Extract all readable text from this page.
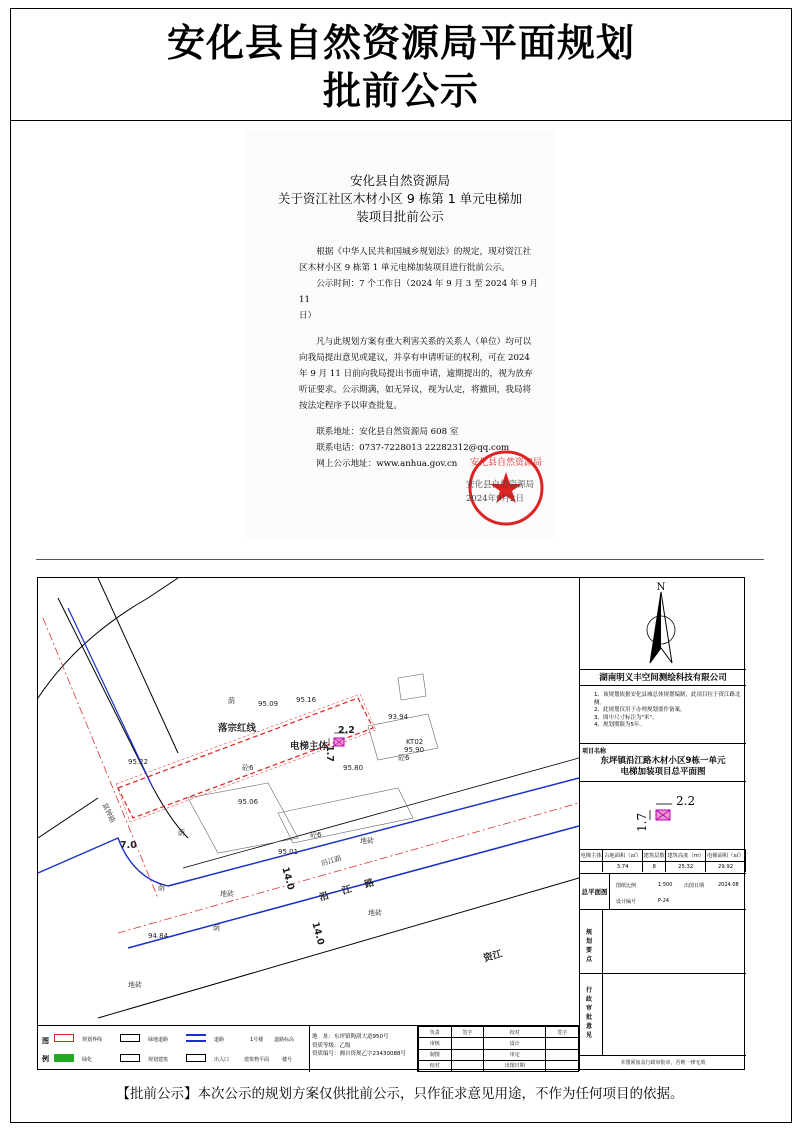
安化县自然资源局平面规划
批前公示
安化县自然资源局
关于资江社区木材小区 9 栋第 1 单元电梯加
装项目批前公示

根据《中华人民共和国城乡规划法》的规定，现对资江社

区木材小区 9 栋第 1 单元电梯加装项目进行批前公示。

公示时间：7 个工作日（2024 年 9 月 3 至 2024 年 9 月 11

日）

凡与此规划方案有重大利害关系的关系人（单位）均可以

向我局提出意见或建议，并享有申请听证的权利，可在 2024

年 9 月 11 日前向我局提出书面申请，逾期提出的，视为放弃

听证要求。公示期满，如无异议，视为认定，将撤回，我局将

按法定程序予以审查批复。

联系地址：安化县自然资源局 608 室

联系电话：0737-7228013 22282312@qq.com

网上公示地址：www.anhua.gov.cn	安化县自然资源局
安化县自然资源局
2024年9月2日
落宗红线
电梯主体
2.2
1.7
沿江路
沿江路
资江
富钟路
7.0
14.0
14.0
地砖
地砖
地砖
地砖
砼6
砼6
砼6
荫
荫
荫
荫
95.16
95.09
95.22
95.06
94.84
95.01
93.94
KT02
95.90
95.80
N
湖南明义丰空间测绘科技有限公司
1、该规划依据安化县城总体规划编制，此项目位于资江路北侧。
2、此规划仅用于办理规划要件备案。
3、图中尺寸标注为"米"。
4、规划期限为5年。
项目名称
东坪镇沿江路木材小区9栋一单元
电梯加装项目总平面图
2.2
1.7
电梯主体	占地面积（㎡）	建筑层数	建筑高度（m）	电梯面积（㎡）
	3.74	8	25.32	29.92
总平面图
图纸比例	1:500 出图日期	2024.08
设计编号	P-24
规划要点
行政审批意见
本图须加盖行政审批章，否则一律无效
图
例
规划界线
绿化
绿地道路
规划建筑
道路
出入口
1号楼 道路标高
建筑物平面	楼号
地　址：东坪镇陶澍大道950号
资质等级：乙级
资质编号：湘自资规乙字23430088号
负责	签字	校对	签字
审核		设计	
制图		审定	
校对		出图日期	
【批前公示】本次公示的规划方案仅供批前公示，只作征求意见用途，不作为任何项目的依据。
